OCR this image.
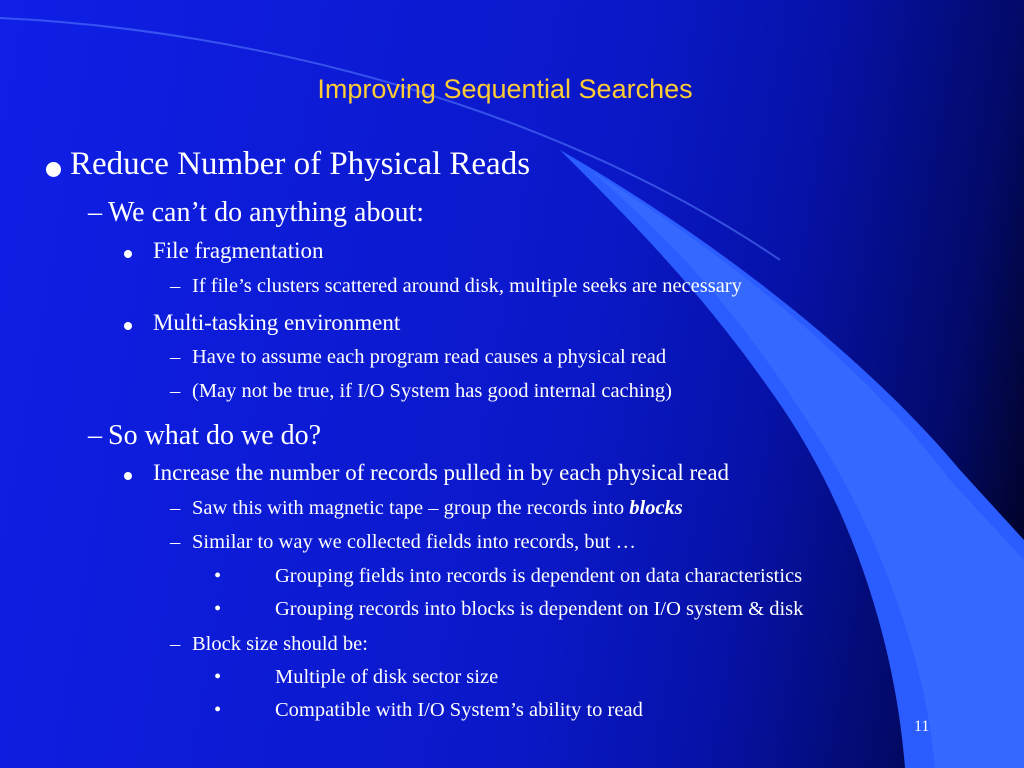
Improving Sequential Searches
Reduce Number of Physical Reads
– We can’t do anything about:
File fragmentation
– If file’s clusters scattered around disk, multiple seeks are necessary
Multi-tasking environment
– Have to assume each program read causes a physical read
– (May not be true, if I/O System has good internal caching)
– So what do we do?
Increase the number of records pulled in by each physical read
– Saw this with magnetic tape – group the records into blocks
– Similar to way we collected fields into records, but …
•	Grouping fields into records is dependent on data characteristics
•	Grouping records into blocks is dependent on I/O system & disk
– Block size should be:
•	Multiple of disk sector size
•	Compatible with I/O System’s ability to read
11
